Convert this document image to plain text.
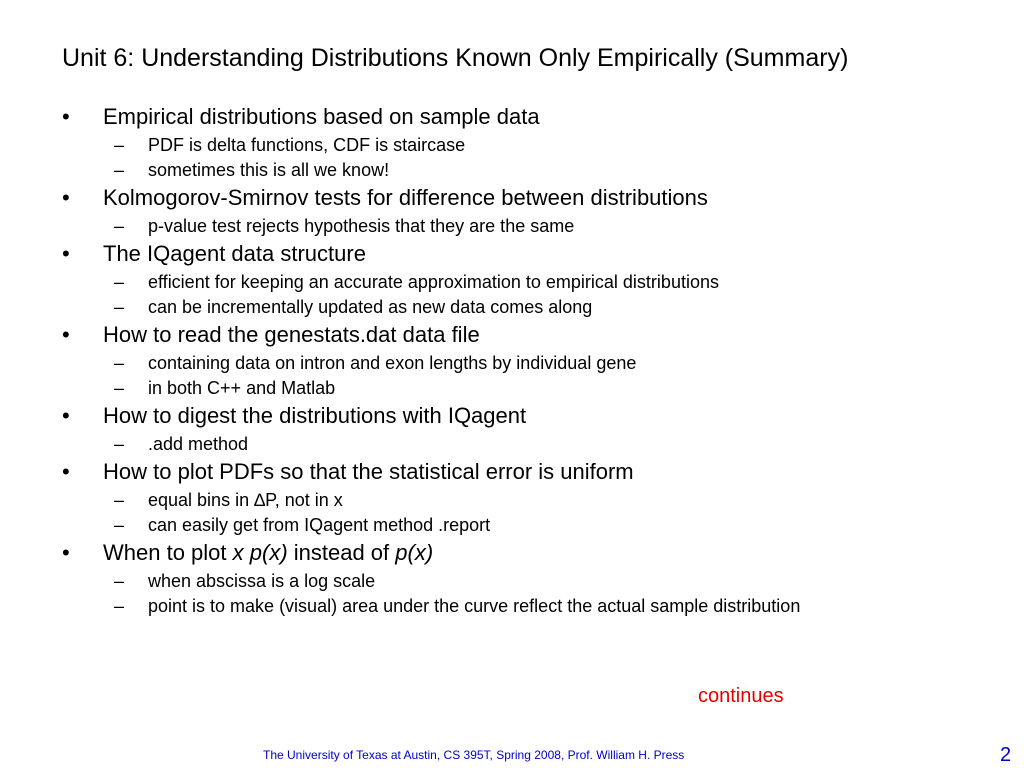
Unit 6: Understanding Distributions Known Only Empirically (Summary)
• Empirical distributions based on sample data
– PDF is delta functions, CDF is staircase
– sometimes this is all we know!
• Kolmogorov-Smirnov tests for difference between distributions
– p-value test rejects hypothesis that they are the same
• The IQagent data structure
– efficient for keeping an accurate approximation to empirical distributions
– can be incrementally updated as new data comes along
• How to read the genestats.dat data file
– containing data on intron and exon lengths by individual gene
– in both C++ and Matlab
• How to digest the distributions with IQagent
– .add method
• How to plot PDFs so that the statistical error is uniform
– equal bins in ∆P, not in x
– can easily get from IQagent method .report
• When to plot x p(x) instead of p(x)
– when abscissa is a log scale
– point is to make (visual) area under the curve reflect the actual sample distribution
continues
The University of Texas at Austin, CS 395T, Spring 2008, Prof. William H. Press	2
